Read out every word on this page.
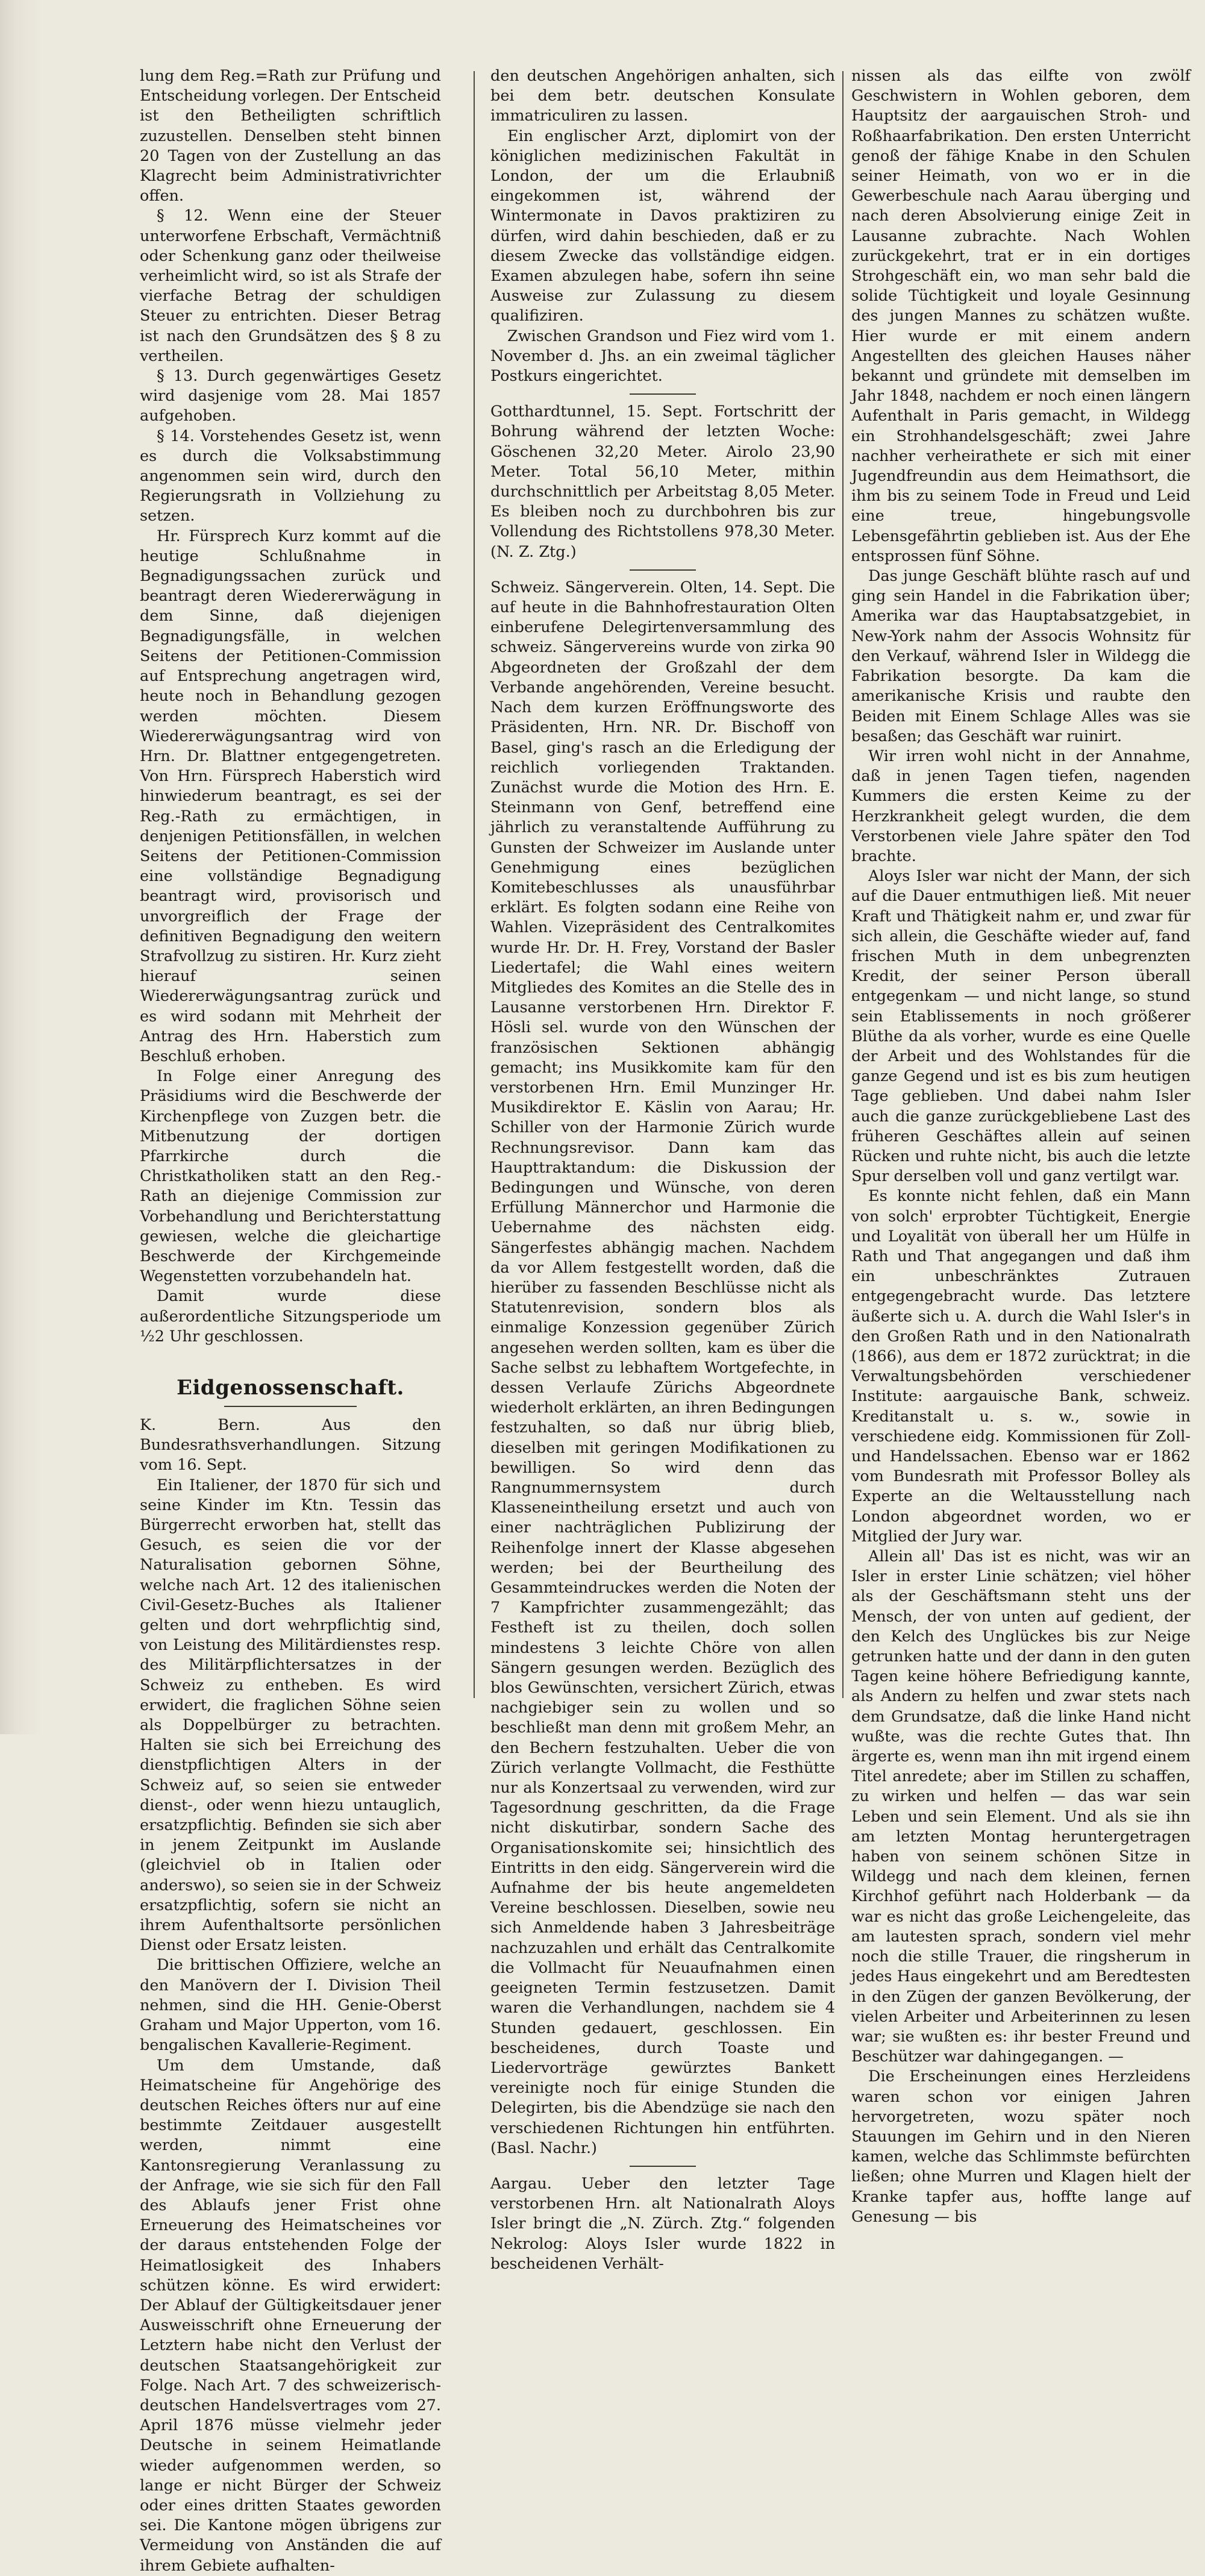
lung dem Reg.=Rath zur Prüfung und Entscheidung vorlegen. Der Entscheid ist den Betheiligten schriftlich zuzustellen. Denselben steht binnen 20 Tagen von der Zustellung an das Klagrecht beim Administrativrichter offen.

§ 12. Wenn eine der Steuer unterworfene Erbschaft, Vermächtniß oder Schenkung ganz oder theilweise verheimlicht wird, so ist als Strafe der vierfache Betrag der schuldigen Steuer zu entrichten. Dieser Betrag ist nach den Grundsätzen des § 8 zu vertheilen.

§ 13. Durch gegenwärtiges Gesetz wird dasjenige vom 28. Mai 1857 aufgehoben.

§ 14. Vorstehendes Gesetz ist, wenn es durch die Volksabstimmung angenommen sein wird, durch den Regierungsrath in Vollziehung zu setzen.

Hr. Fürsprech Kurz kommt auf die heutige Schlußnahme in Begnadigungssachen zurück und beantragt deren Wiedererwägung in dem Sinne, daß diejenigen Begnadigungsfälle, in welchen Seitens der Petitionen-Commission auf Entsprechung angetragen wird, heute noch in Behandlung gezogen werden möchten. Diesem Wiedererwägungsantrag wird von Hrn. Dr. Blattner entgegengetreten. Von Hrn. Fürsprech Haberstich wird hinwiederum beantragt, es sei der Reg.-Rath zu ermächtigen, in denjenigen Petitionsfällen, in welchen Seitens der Petitionen-Commission eine vollständige Begnadigung beantragt wird, provisorisch und unvorgreiflich der Frage der definitiven Begnadigung den weitern Strafvollzug zu sistiren. Hr. Kurz zieht hierauf seinen Wiedererwägungsantrag zurück und es wird sodann mit Mehrheit der Antrag des Hrn. Haberstich zum Beschluß erhoben.

In Folge einer Anregung des Präsidiums wird die Beschwerde der Kirchenpflege von Zuzgen betr. die Mitbenutzung der dortigen Pfarrkirche durch die Christkatholiken statt an den Reg.-Rath an diejenige Commission zur Vorbehandlung und Berichterstattung gewiesen, welche die gleichartige Beschwerde der Kirchgemeinde Wegenstetten vorzubehandeln hat.

Damit wurde diese außerordentliche Sitzungsperiode um ½2 Uhr geschlossen.

Eidgenossenschaft.

K. Bern. Aus den Bundesrathsverhandlungen. Sitzung vom 16. Sept.

Ein Italiener, der 1870 für sich und seine Kinder im Ktn. Tessin das Bürgerrecht erworben hat, stellt das Gesuch, es seien die vor der Naturalisation gebornen Söhne, welche nach Art. 12 des italienischen Civil-Gesetz-Buches als Italiener gelten und dort wehrpflichtig sind, von Leistung des Militärdienstes resp. des Militärpflichtersatzes in der Schweiz zu entheben. Es wird erwidert, die fraglichen Söhne seien als Doppelbürger zu betrachten. Halten sie sich bei Erreichung des dienstpflichtigen Alters in der Schweiz auf, so seien sie entweder dienst-, oder wenn hiezu untauglich, ersatzpflichtig. Befinden sie sich aber in jenem Zeitpunkt im Auslande (gleichviel ob in Italien oder anderswo), so seien sie in der Schweiz ersatzpflichtig, sofern sie nicht an ihrem Aufenthaltsorte persönlichen Dienst oder Ersatz leisten.

Die brittischen Offiziere, welche an den Manövern der I. Division Theil nehmen, sind die HH. Genie-Oberst Graham und Major Upperton, vom 16. bengalischen Kavallerie-Regiment.

Um dem Umstande, daß Heimatscheine für Angehörige des deutschen Reiches öfters nur auf eine bestimmte Zeitdauer ausgestellt werden, nimmt eine Kantonsregierung Veranlassung zu der Anfrage, wie sie sich für den Fall des Ablaufs jener Frist ohne Erneuerung des Heimatscheines vor der daraus entstehenden Folge der Heimatlosigkeit des Inhabers schützen könne. Es wird erwidert: Der Ablauf der Gültigkeitsdauer jener Ausweisschrift ohne Erneuerung der Letztern habe nicht den Verlust der deutschen Staatsangehörigkeit zur Folge. Nach Art. 7 des schweizerisch-deutschen Handelsvertrages vom 27. April 1876 müsse vielmehr jeder Deutsche in seinem Heimatlande wieder aufgenommen werden, so lange er nicht Bürger der Schweiz oder eines dritten Staates geworden sei. Die Kantone mögen übrigens zur Vermeidung von Anständen die auf ihrem Gebiete aufhalten-

den deutschen Angehörigen anhalten, sich bei dem betr. deutschen Konsulate immatriculiren zu lassen.

Ein englischer Arzt, diplomirt von der königlichen medizinischen Fakultät in London, der um die Erlaubniß eingekommen ist, während der Wintermonate in Davos praktiziren zu dürfen, wird dahin beschieden, daß er zu diesem Zwecke das vollständige eidgen. Examen abzulegen habe, sofern ihn seine Ausweise zur Zulassung zu diesem qualifiziren.

Zwischen Grandson und Fiez wird vom 1. November d. Jhs. an ein zweimal täglicher Postkurs eingerichtet.

Gotthardtunnel, 15. Sept. Fortschritt der Bohrung während der letzten Woche: Göschenen 32,20 Meter. Airolo 23,90 Meter. Total 56,10 Meter, mithin durchschnittlich per Arbeitstag 8,05 Meter. Es bleiben noch zu durchbohren bis zur Vollendung des Richtstollens 978,30 Meter. (N. Z. Ztg.)

Schweiz. Sängerverein. Olten, 14. Sept. Die auf heute in die Bahnhofrestauration Olten einberufene Delegirtenversammlung des schweiz. Sängervereins wurde von zirka 90 Abgeordneten der Großzahl der dem Verbande angehörenden, Vereine besucht. Nach dem kurzen Eröffnungsworte des Präsidenten, Hrn. NR. Dr. Bischoff von Basel, ging's rasch an die Erledigung der reichlich vorliegenden Traktanden. Zunächst wurde die Motion des Hrn. E. Steinmann von Genf, betreffend eine jährlich zu veranstaltende Aufführung zu Gunsten der Schweizer im Auslande unter Genehmigung eines bezüglichen Komitebeschlusses als unausführbar erklärt. Es folgten sodann eine Reihe von Wahlen. Vizepräsident des Centralkomites wurde Hr. Dr. H. Frey, Vorstand der Basler Liedertafel; die Wahl eines weitern Mitgliedes des Komites an die Stelle des in Lausanne verstorbenen Hrn. Direktor F. Hösli sel. wurde von den Wünschen der französischen Sektionen abhängig gemacht; ins Musikkomite kam für den verstorbenen Hrn. Emil Munzinger Hr. Musikdirektor E. Käslin von Aarau; Hr. Schiller von der Harmonie Zürich wurde Rechnungsrevisor. Dann kam das Haupttraktandum: die Diskussion der Bedingungen und Wünsche, von deren Erfüllung Männerchor und Harmonie die Uebernahme des nächsten eidg. Sängerfestes abhängig machen. Nachdem da vor Allem festgestellt worden, daß die hierüber zu fassenden Beschlüsse nicht als Statutenrevision, sondern blos als einmalige Konzession gegenüber Zürich angesehen werden sollten, kam es über die Sache selbst zu lebhaftem Wortgefechte, in dessen Verlaufe Zürichs Abgeordnete wiederholt erklärten, an ihren Bedingungen festzuhalten, so daß nur übrig blieb, dieselben mit geringen Modifikationen zu bewilligen. So wird denn das Rangnummernsystem durch Klasseneintheilung ersetzt und auch von einer nachträglichen Publizirung der Reihenfolge innert der Klasse abgesehen werden; bei der Beurtheilung des Gesammteindruckes werden die Noten der 7 Kampfrichter zusammengezählt; das Festheft ist zu theilen, doch sollen mindestens 3 leichte Chöre von allen Sängern gesungen werden. Bezüglich des blos Gewünschten, versichert Zürich, etwas nachgiebiger sein zu wollen und so beschließt man denn mit großem Mehr, an den Bechern festzuhalten. Ueber die von Zürich verlangte Vollmacht, die Festhütte nur als Konzertsaal zu verwenden, wird zur Tagesordnung geschritten, da die Frage nicht diskutirbar, sondern Sache des Organisationskomite sei; hinsichtlich des Eintritts in den eidg. Sängerverein wird die Aufnahme der bis heute angemeldeten Vereine beschlossen. Dieselben, sowie neu sich Anmeldende haben 3 Jahresbeiträge nachzuzahlen und erhält das Centralkomite die Vollmacht für Neuaufnahmen einen geeigneten Termin festzusetzen. Damit waren die Verhandlungen, nachdem sie 4 Stunden gedauert, geschlossen. Ein bescheidenes, durch Toaste und Liedervorträge gewürztes Bankett vereinigte noch für einige Stunden die Delegirten, bis die Abendzüge sie nach den verschiedenen Richtungen hin entführten. (Basl. Nachr.)

Aargau. Ueber den letzter Tage verstorbenen Hrn. alt Nationalrath Aloys Isler bringt die „N. Zürch. Ztg.“ folgenden Nekrolog: Aloys Isler wurde 1822 in bescheidenen Verhält-

nissen als das eilfte von zwölf Geschwistern in Wohlen geboren, dem Hauptsitz der aargauischen Stroh- und Roßhaarfabrikation. Den ersten Unterricht genoß der fähige Knabe in den Schulen seiner Heimath, von wo er in die Gewerbeschule nach Aarau überging und nach deren Absolvierung einige Zeit in Lausanne zubrachte. Nach Wohlen zurückgekehrt, trat er in ein dortiges Strohgeschäft ein, wo man sehr bald die solide Tüchtigkeit und loyale Gesinnung des jungen Mannes zu schätzen wußte. Hier wurde er mit einem andern Angestellten des gleichen Hauses näher bekannt und gründete mit demselben im Jahr 1848, nachdem er noch einen längern Aufenthalt in Paris gemacht, in Wildegg ein Strohhandelsgeschäft; zwei Jahre nachher verheirathete er sich mit einer Jugendfreundin aus dem Heimathsort, die ihm bis zu seinem Tode in Freud und Leid eine treue, hingebungsvolle Lebensgefährtin geblieben ist. Aus der Ehe entsprossen fünf Söhne.

Das junge Geschäft blühte rasch auf und ging sein Handel in die Fabrikation über; Amerika war das Hauptabsatzgebiet, in New-York nahm der Associs Wohnsitz für den Verkauf, während Isler in Wildegg die Fabrikation besorgte. Da kam die amerikanische Krisis und raubte den Beiden mit Einem Schlage Alles was sie besaßen; das Geschäft war ruinirt.

Wir irren wohl nicht in der Annahme, daß in jenen Tagen tiefen, nagenden Kummers die ersten Keime zu der Herzkrankheit gelegt wurden, die dem Verstorbenen viele Jahre später den Tod brachte.

Aloys Isler war nicht der Mann, der sich auf die Dauer entmuthigen ließ. Mit neuer Kraft und Thätigkeit nahm er, und zwar für sich allein, die Geschäfte wieder auf, fand frischen Muth in dem unbegrenzten Kredit, der seiner Person überall entgegenkam — und nicht lange, so stund sein Etablissements in noch größerer Blüthe da als vorher, wurde es eine Quelle der Arbeit und des Wohlstandes für die ganze Gegend und ist es bis zum heutigen Tage geblieben. Und dabei nahm Isler auch die ganze zurückgebliebene Last des früheren Geschäftes allein auf seinen Rücken und ruhte nicht, bis auch die letzte Spur derselben voll und ganz vertilgt war.

Es konnte nicht fehlen, daß ein Mann von solch' erprobter Tüchtigkeit, Energie und Loyalität von überall her um Hülfe in Rath und That angegangen und daß ihm ein unbeschränktes Zutrauen entgegengebracht wurde. Das letztere äußerte sich u. A. durch die Wahl Isler's in den Großen Rath und in den Nationalrath (1866), aus dem er 1872 zurücktrat; in die Verwaltungsbehörden verschiedener Institute: aargauische Bank, schweiz. Kreditanstalt u. s. w., sowie in verschiedene eidg. Kommissionen für Zoll- und Handelssachen. Ebenso war er 1862 vom Bundesrath mit Professor Bolley als Experte an die Weltausstellung nach London abgeordnet worden, wo er Mitglied der Jury war.

Allein all' Das ist es nicht, was wir an Isler in erster Linie schätzen; viel höher als der Geschäftsmann steht uns der Mensch, der von unten auf gedient, der den Kelch des Unglückes bis zur Neige getrunken hatte und der dann in den guten Tagen keine höhere Befriedigung kannte, als Andern zu helfen und zwar stets nach dem Grundsatze, daß die linke Hand nicht wußte, was die rechte Gutes that. Ihn ärgerte es, wenn man ihn mit irgend einem Titel anredete; aber im Stillen zu schaffen, zu wirken und helfen — das war sein Leben und sein Element. Und als sie ihn am letzten Montag heruntergetragen haben von seinem schönen Sitze in Wildegg und nach dem kleinen, fernen Kirchhof geführt nach Holderbank — da war es nicht das große Leichengeleite, das am lautesten sprach, sondern viel mehr noch die stille Trauer, die ringsherum in jedes Haus eingekehrt und am Beredtesten in den Zügen der ganzen Bevölkerung, der vielen Arbeiter und Arbeiterinnen zu lesen war; sie wußten es: ihr bester Freund und Beschützer war dahingegangen. —

Die Erscheinungen eines Herzleidens waren schon vor einigen Jahren hervorgetreten, wozu später noch Stauungen im Gehirn und in den Nieren kamen, welche das Schlimmste befürchten ließen; ohne Murren und Klagen hielt der Kranke tapfer aus, hoffte lange auf Genesung — bis
